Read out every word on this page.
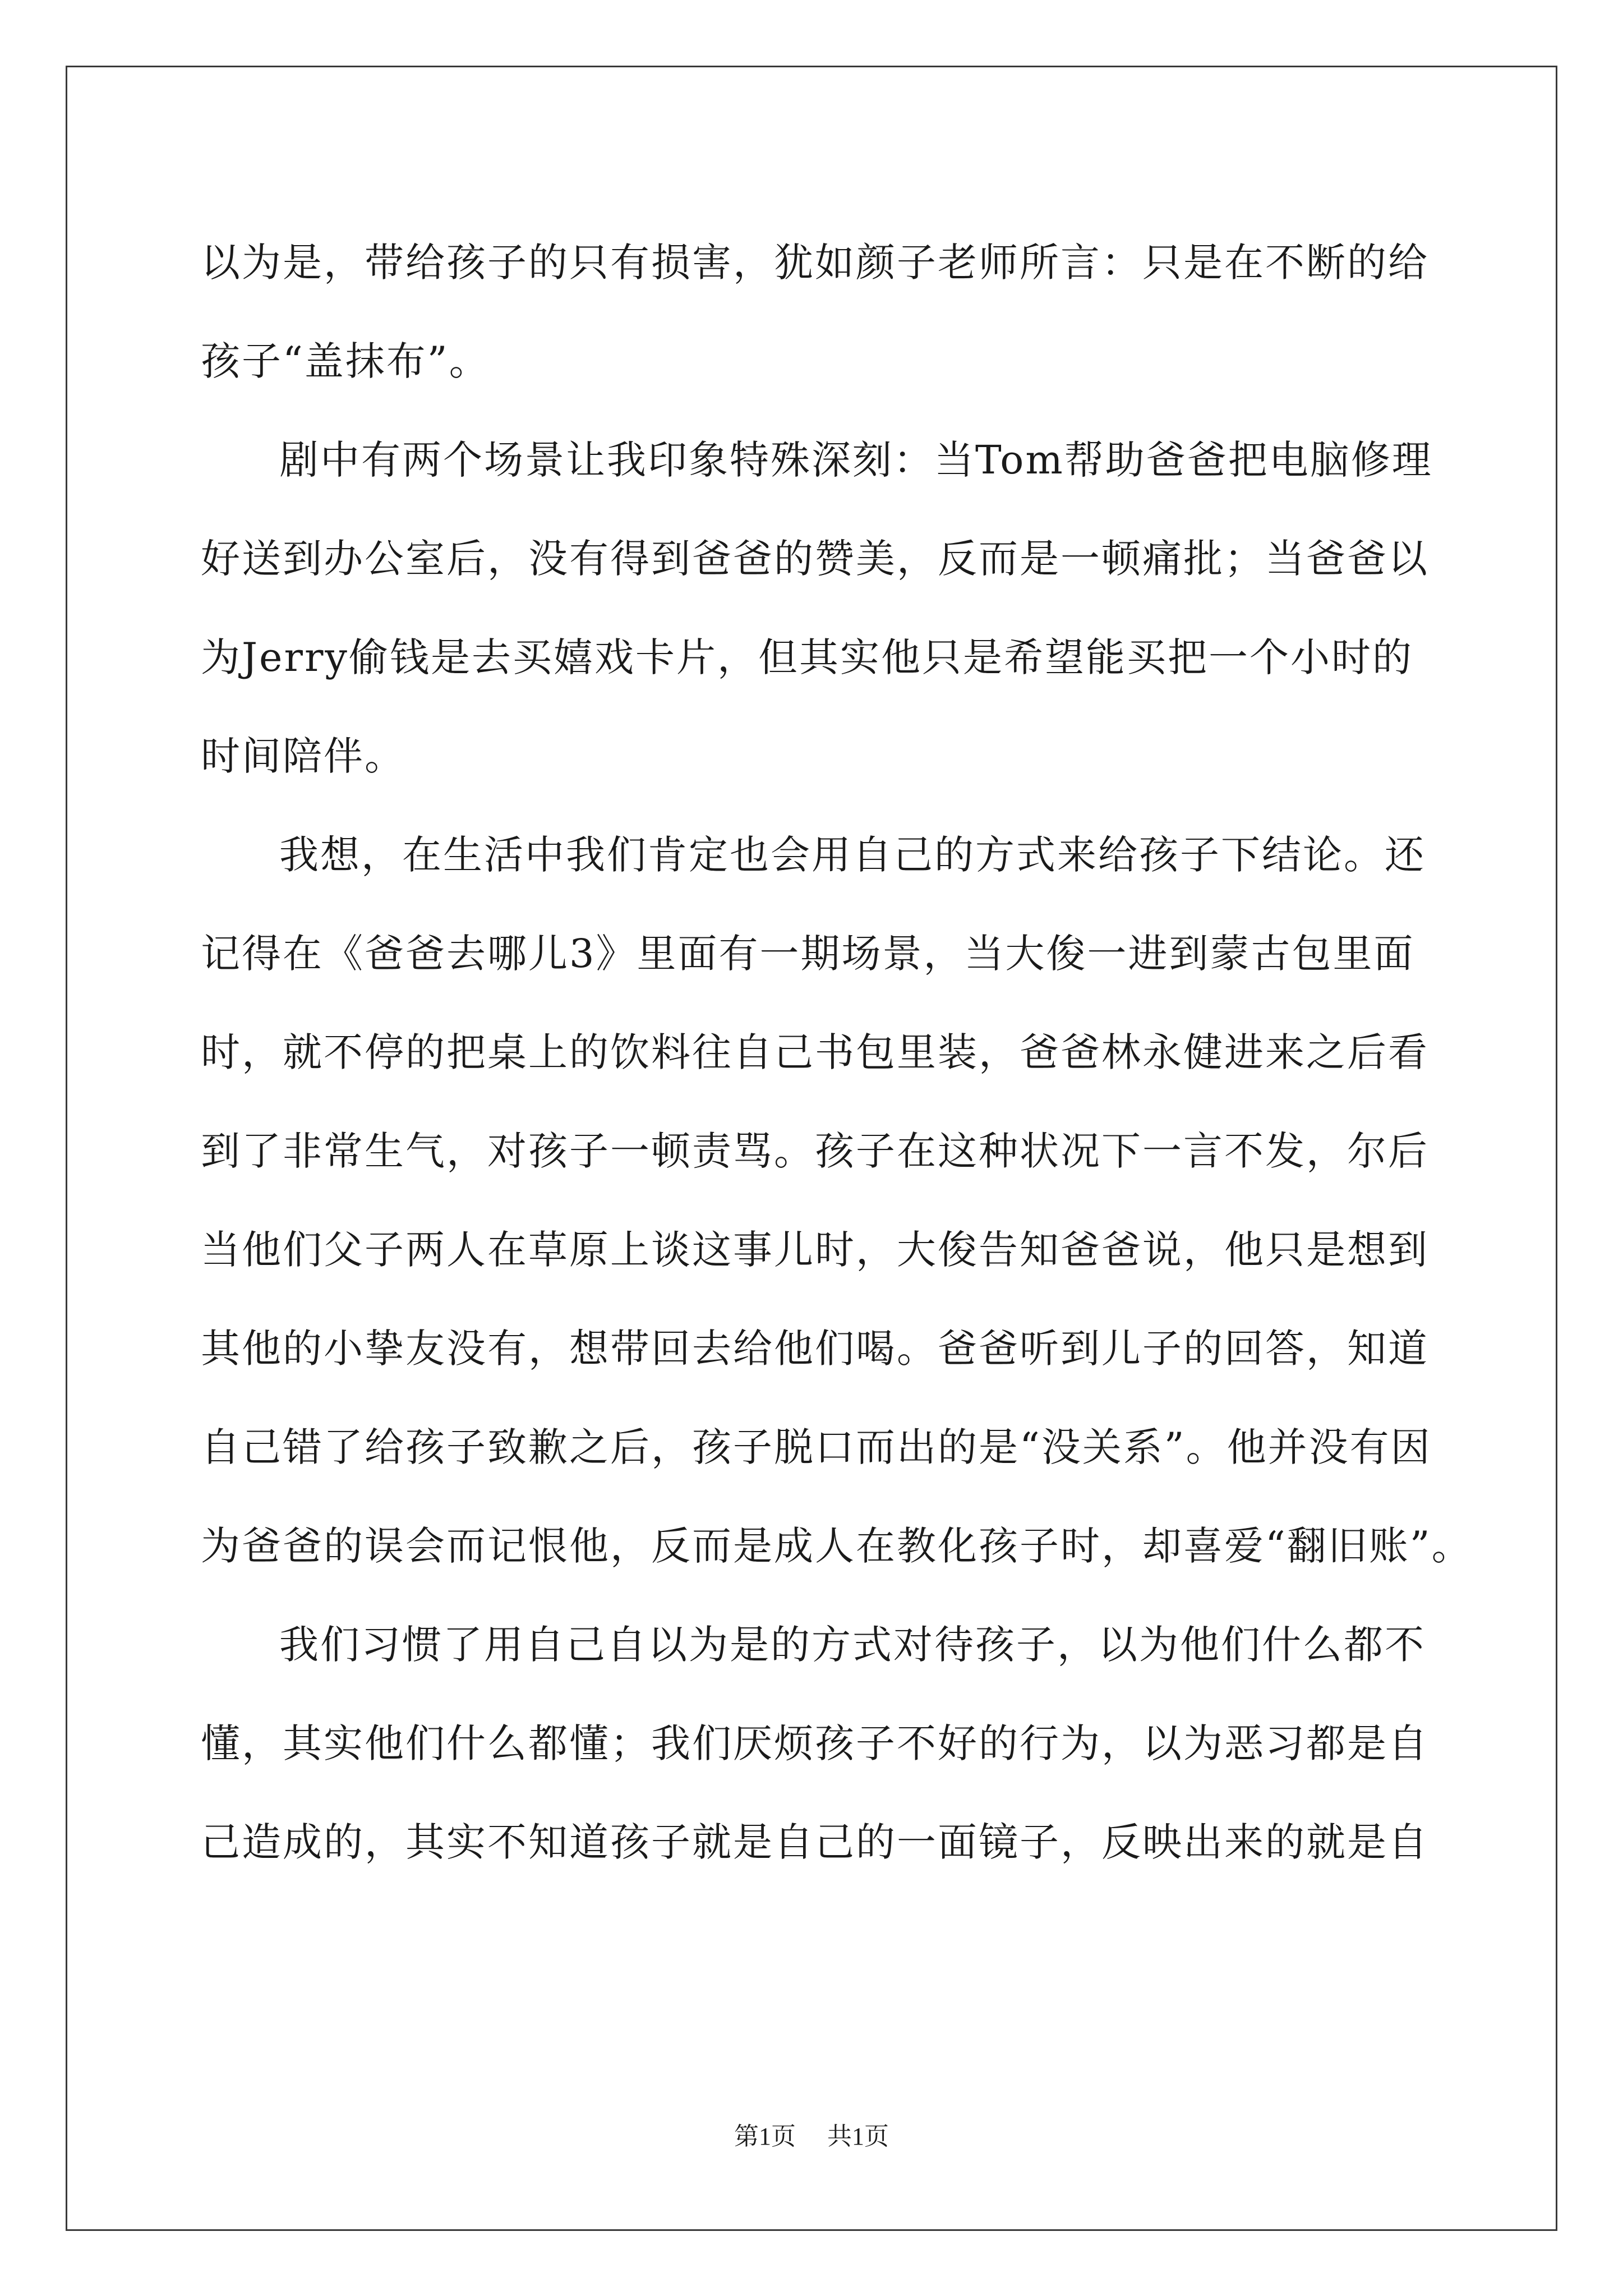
以为是，带给孩子的只有损害，犹如颜子老师所言：只是在不断的给
孩子“盖抹布”。
剧中有两个场景让我印象特殊深刻：当Tom帮助爸爸把电脑修理
好送到办公室后，没有得到爸爸的赞美，反而是一顿痛批；当爸爸以
为Jerry偷钱是去买嬉戏卡片，但其实他只是希望能买把一个小时的
时间陪伴。
我想，在生活中我们肯定也会用自己的方式来给孩子下结论。还
记得在《爸爸去哪儿3》里面有一期场景，当大俊一进到蒙古包里面
时，就不停的把桌上的饮料往自己书包里装，爸爸林永健进来之后看
到了非常生气，对孩子一顿责骂。孩子在这种状况下一言不发，尔后
当他们父子两人在草原上谈这事儿时，大俊告知爸爸说，他只是想到
其他的小挚友没有，想带回去给他们喝。爸爸听到儿子的回答，知道
自己错了给孩子致歉之后，孩子脱口而出的是“没关系”。他并没有因
为爸爸的误会而记恨他，反而是成人在教化孩子时，却喜爱“翻旧账”。
我们习惯了用自己自以为是的方式对待孩子，以为他们什么都不
懂，其实他们什么都懂；我们厌烦孩子不好的行为，以为恶习都是自
己造成的，其实不知道孩子就是自己的一面镜子，反映出来的就是自
第1页 共1页
